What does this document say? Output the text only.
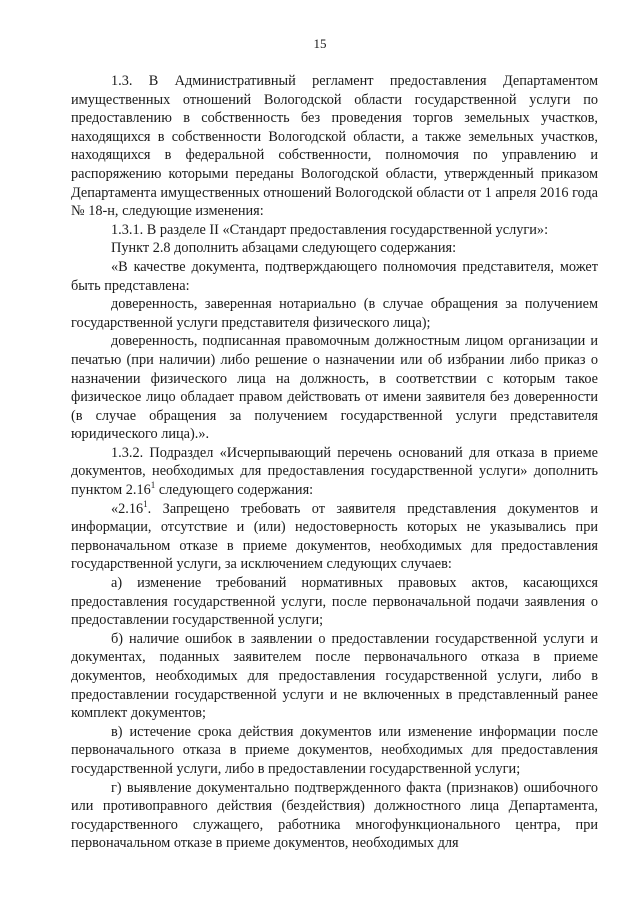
15

1.3. В Административный регламент предоставления Департаментом имущественных отношений Вологодской области государственной услуги по предоставлению в собственность без проведения торгов земельных участков, находящихся в собственности Вологодской области, а также земельных участков, находящихся в федеральной собственности, полномочия по управлению и распоряжению которыми переданы Вологодской области, утвержденный приказом Департамента имущественных отношений Вологодской области от 1 апреля 2016 года № 18-н, следующие изменения:

1.3.1. В разделе II «Стандарт предоставления государственной услуги»:

Пункт 2.8 дополнить абзацами следующего содержания:

«В качестве документа, подтверждающего полномочия представителя, может быть представлена:

доверенность, заверенная нотариально (в случае обращения за получением государственной услуги представителя физического лица);

доверенность, подписанная правомочным должностным лицом организации и печатью (при наличии) либо решение о назначении или об избрании либо приказ о назначении физического лица на должность, в соответствии с которым такое физическое лицо обладает правом действовать от имени заявителя без доверенности (в случае обращения за получением государственной услуги представителя юридического лица).».

1.3.2. Подраздел «Исчерпывающий перечень оснований для отказа в приеме документов, необходимых для предоставления государственной услуги» дополнить пунктом 2.16$^1$ следующего содержания:

«2.16$^1$. Запрещено требовать от заявителя представления документов и информации, отсутствие и (или) недостоверность которых не указывались при первоначальном отказе в приеме документов, необходимых для предоставления государственной услуги, за исключением следующих случаев:

а) изменение требований нормативных правовых актов, касающихся предоставления государственной услуги, после первоначальной подачи заявления о предоставлении государственной услуги;

б) наличие ошибок в заявлении о предоставлении государственной услуги и документах, поданных заявителем после первоначального отказа в приеме документов, необходимых для предоставления государственной услуги, либо в предоставлении государственной услуги и не включенных в представленный ранее комплект документов;

в) истечение срока действия документов или изменение информации после первоначального отказа в приеме документов, необходимых для предоставления государственной услуги, либо в предоставлении государственной услуги;

г) выявление документально подтвержденного факта (признаков) ошибочного или противоправного действия (бездействия) должностного лица Департамента, государственного служащего, работника многофункционального центра, при первоначальном отказе в приеме документов, необходимых для
